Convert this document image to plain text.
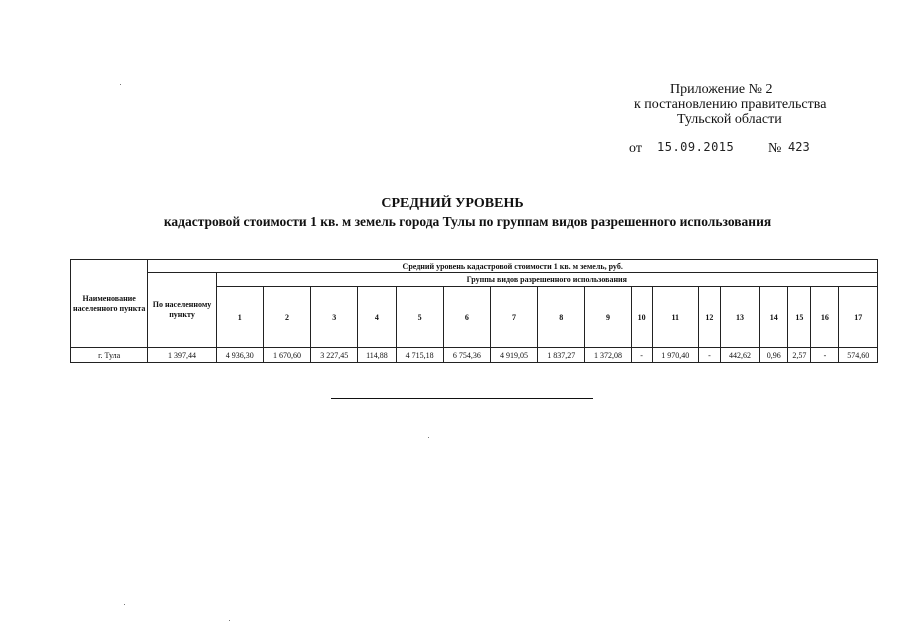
Приложение № 2
к постановлению правительства
Тульской области
от 15.09.2015 № 423
СРЕДНИЙ УРОВЕНЬ
кадастровой стоимости 1 кв. м земель города Тулы по группам видов разрешенного использования
Наименование населенного пункта	Средний уровень кадастровой стоимости 1 кв. м земель, руб.																	
	По населенному пункту	Группы видов разрешенного использования																
		1	2	3	4	5	6	7	8	9	10	11	12	13	14	15	16	17
г. Тула	1 397,44	4 936,30	1 670,60	3 227,45	114,88	4 715,18	6 754,36	4 919,05	1 837,27	1 372,08	-	1 970,40	-	442,62	0,96	2,57	-	574,60
